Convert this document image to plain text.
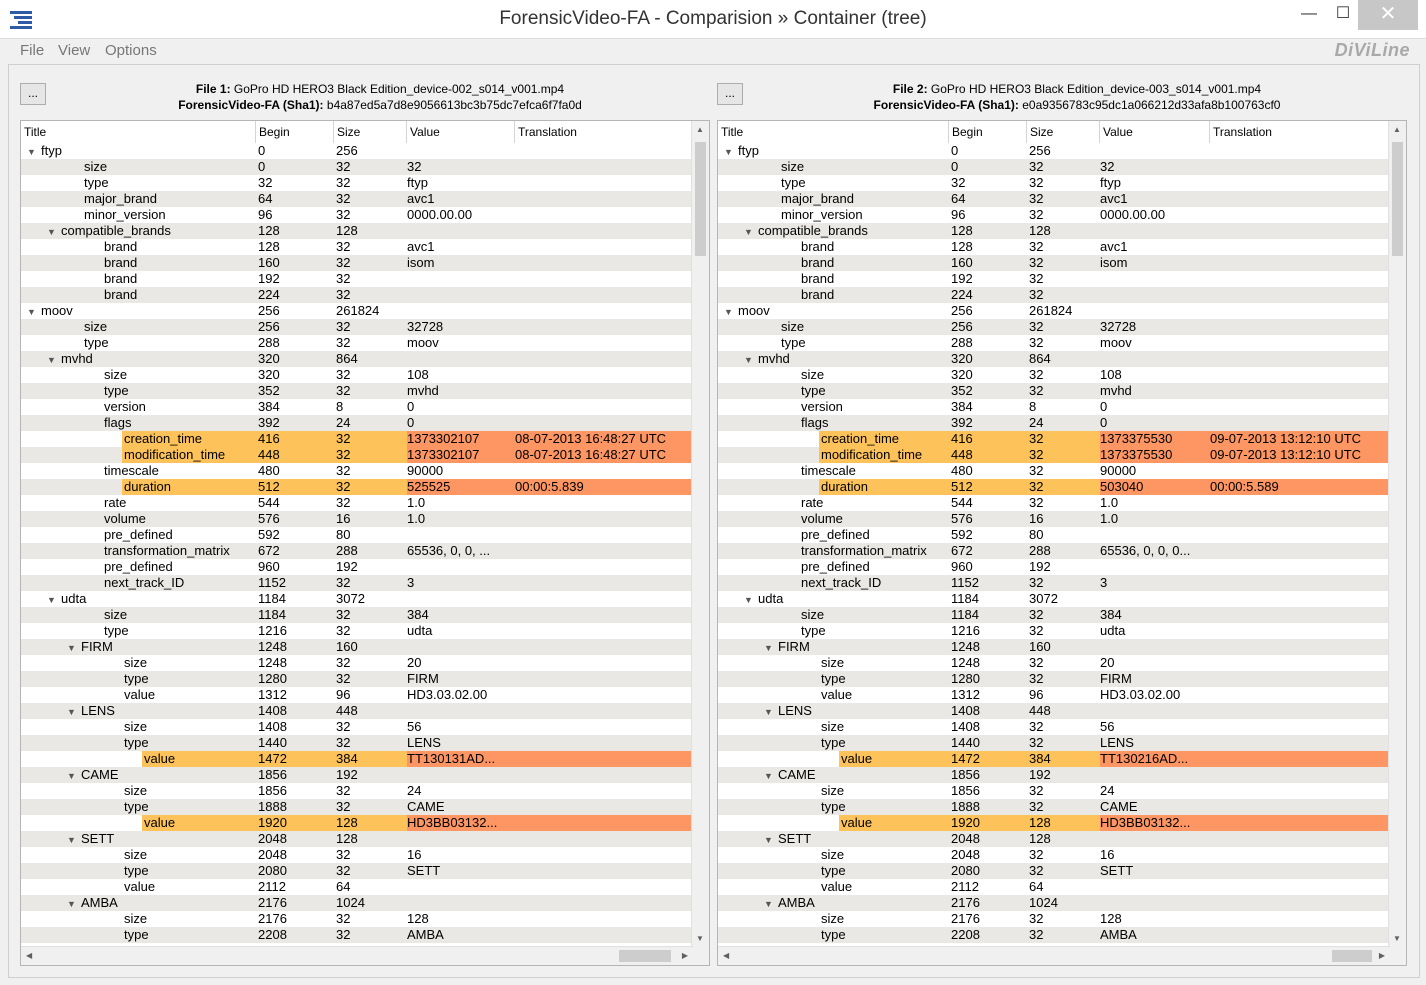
ForensicVideo-FA - Comparision » Container (tree)	—	☐	✕
File View Options	DiViLine
...	File 1: GoPro HD HERO3 Black Edition_device-002_s014_v001.mp4
ForensicVideo-FA (Sha1): b4a87ed5a7d8e9056613bc3b75dc7efca6f7fa0d
Title	Begin	Size	Value	Translation
▼ ftyp	0	256
size	0	32	32
type	32	32	ftyp
major_brand	64	32	avc1
minor_version	96	32	0000.00.00
▼ compatible_brands	128	128
brand	128	32	avc1
brand	160	32	isom
brand	192	32
brand	224	32
▼ moov	256	261824
size	256	32	32728
type	288	32	moov
▼ mvhd	320	864
size	320	32	108
type	352	32	mvhd
version	384	8	0
flags	392	24	0
creation_time	416	32	1373302107	08-07-2013 16:48:27 UTC
modification_time	448	32	1373302107	08-07-2013 16:48:27 UTC
timescale	480	32	90000
duration	512	32	525525	00:00:5.839
rate	544	32	1.0
volume	576	16	1.0
pre_defined	592	80
transformation_matrix	672	288	65536, 0, 0, ...
pre_defined	960	192
next_track_ID	1152	32	3
▼ udta	1184	3072
size	1184	32	384
type	1216	32	udta
▼ FIRM	1248	160
size	1248	32	20
type	1280	32	FIRM
value	1312	96	HD3.03.02.00
▼ LENS	1408	448
size	1408	32	56
type	1440	32	LENS
value	1472	384	TT130131AD...
▼ CAME	1856	192
size	1856	32	24
type	1888	32	CAME
value	1920	128	HD3BB03132...
▼ SETT	2048	128
size	2048	32	16
type	2080	32	SETT
value	2112	64
▼ AMBA	2176	1024
size	2176	32	128
type	2208	32	AMBA
▲
▼
◀	▶
...	File 2: GoPro HD HERO3 Black Edition_device-003_s014_v001.mp4
ForensicVideo-FA (Sha1): e0a9356783c95dc1a066212d33afa8b100763cf0
Title	Begin	Size	Value	Translation
▼ ftyp	0	256
size	0	32	32
type	32	32	ftyp
major_brand	64	32	avc1
minor_version	96	32	0000.00.00
▼ compatible_brands	128	128
brand	128	32	avc1
brand	160	32	isom
brand	192	32
brand	224	32
▼ moov	256	261824
size	256	32	32728
type	288	32	moov
▼ mvhd	320	864
size	320	32	108
type	352	32	mvhd
version	384	8	0
flags	392	24	0
creation_time	416	32	1373375530	09-07-2013 13:12:10 UTC
modification_time	448	32	1373375530	09-07-2013 13:12:10 UTC
timescale	480	32	90000
duration	512	32	503040	00:00:5.589
rate	544	32	1.0
volume	576	16	1.0
pre_defined	592	80
transformation_matrix	672	288	65536, 0, 0, 0...
pre_defined	960	192
next_track_ID	1152	32	3
▼ udta	1184	3072
size	1184	32	384
type	1216	32	udta
▼ FIRM	1248	160
size	1248	32	20
type	1280	32	FIRM
value	1312	96	HD3.03.02.00
▼ LENS	1408	448
size	1408	32	56
type	1440	32	LENS
value	1472	384	TT130216AD...
▼ CAME	1856	192
size	1856	32	24
type	1888	32	CAME
value	1920	128	HD3BB03132...
▼ SETT	2048	128
size	2048	32	16
type	2080	32	SETT
value	2112	64
▼ AMBA	2176	1024
size	2176	32	128
type	2208	32	AMBA
▲
▼
◀	▶
